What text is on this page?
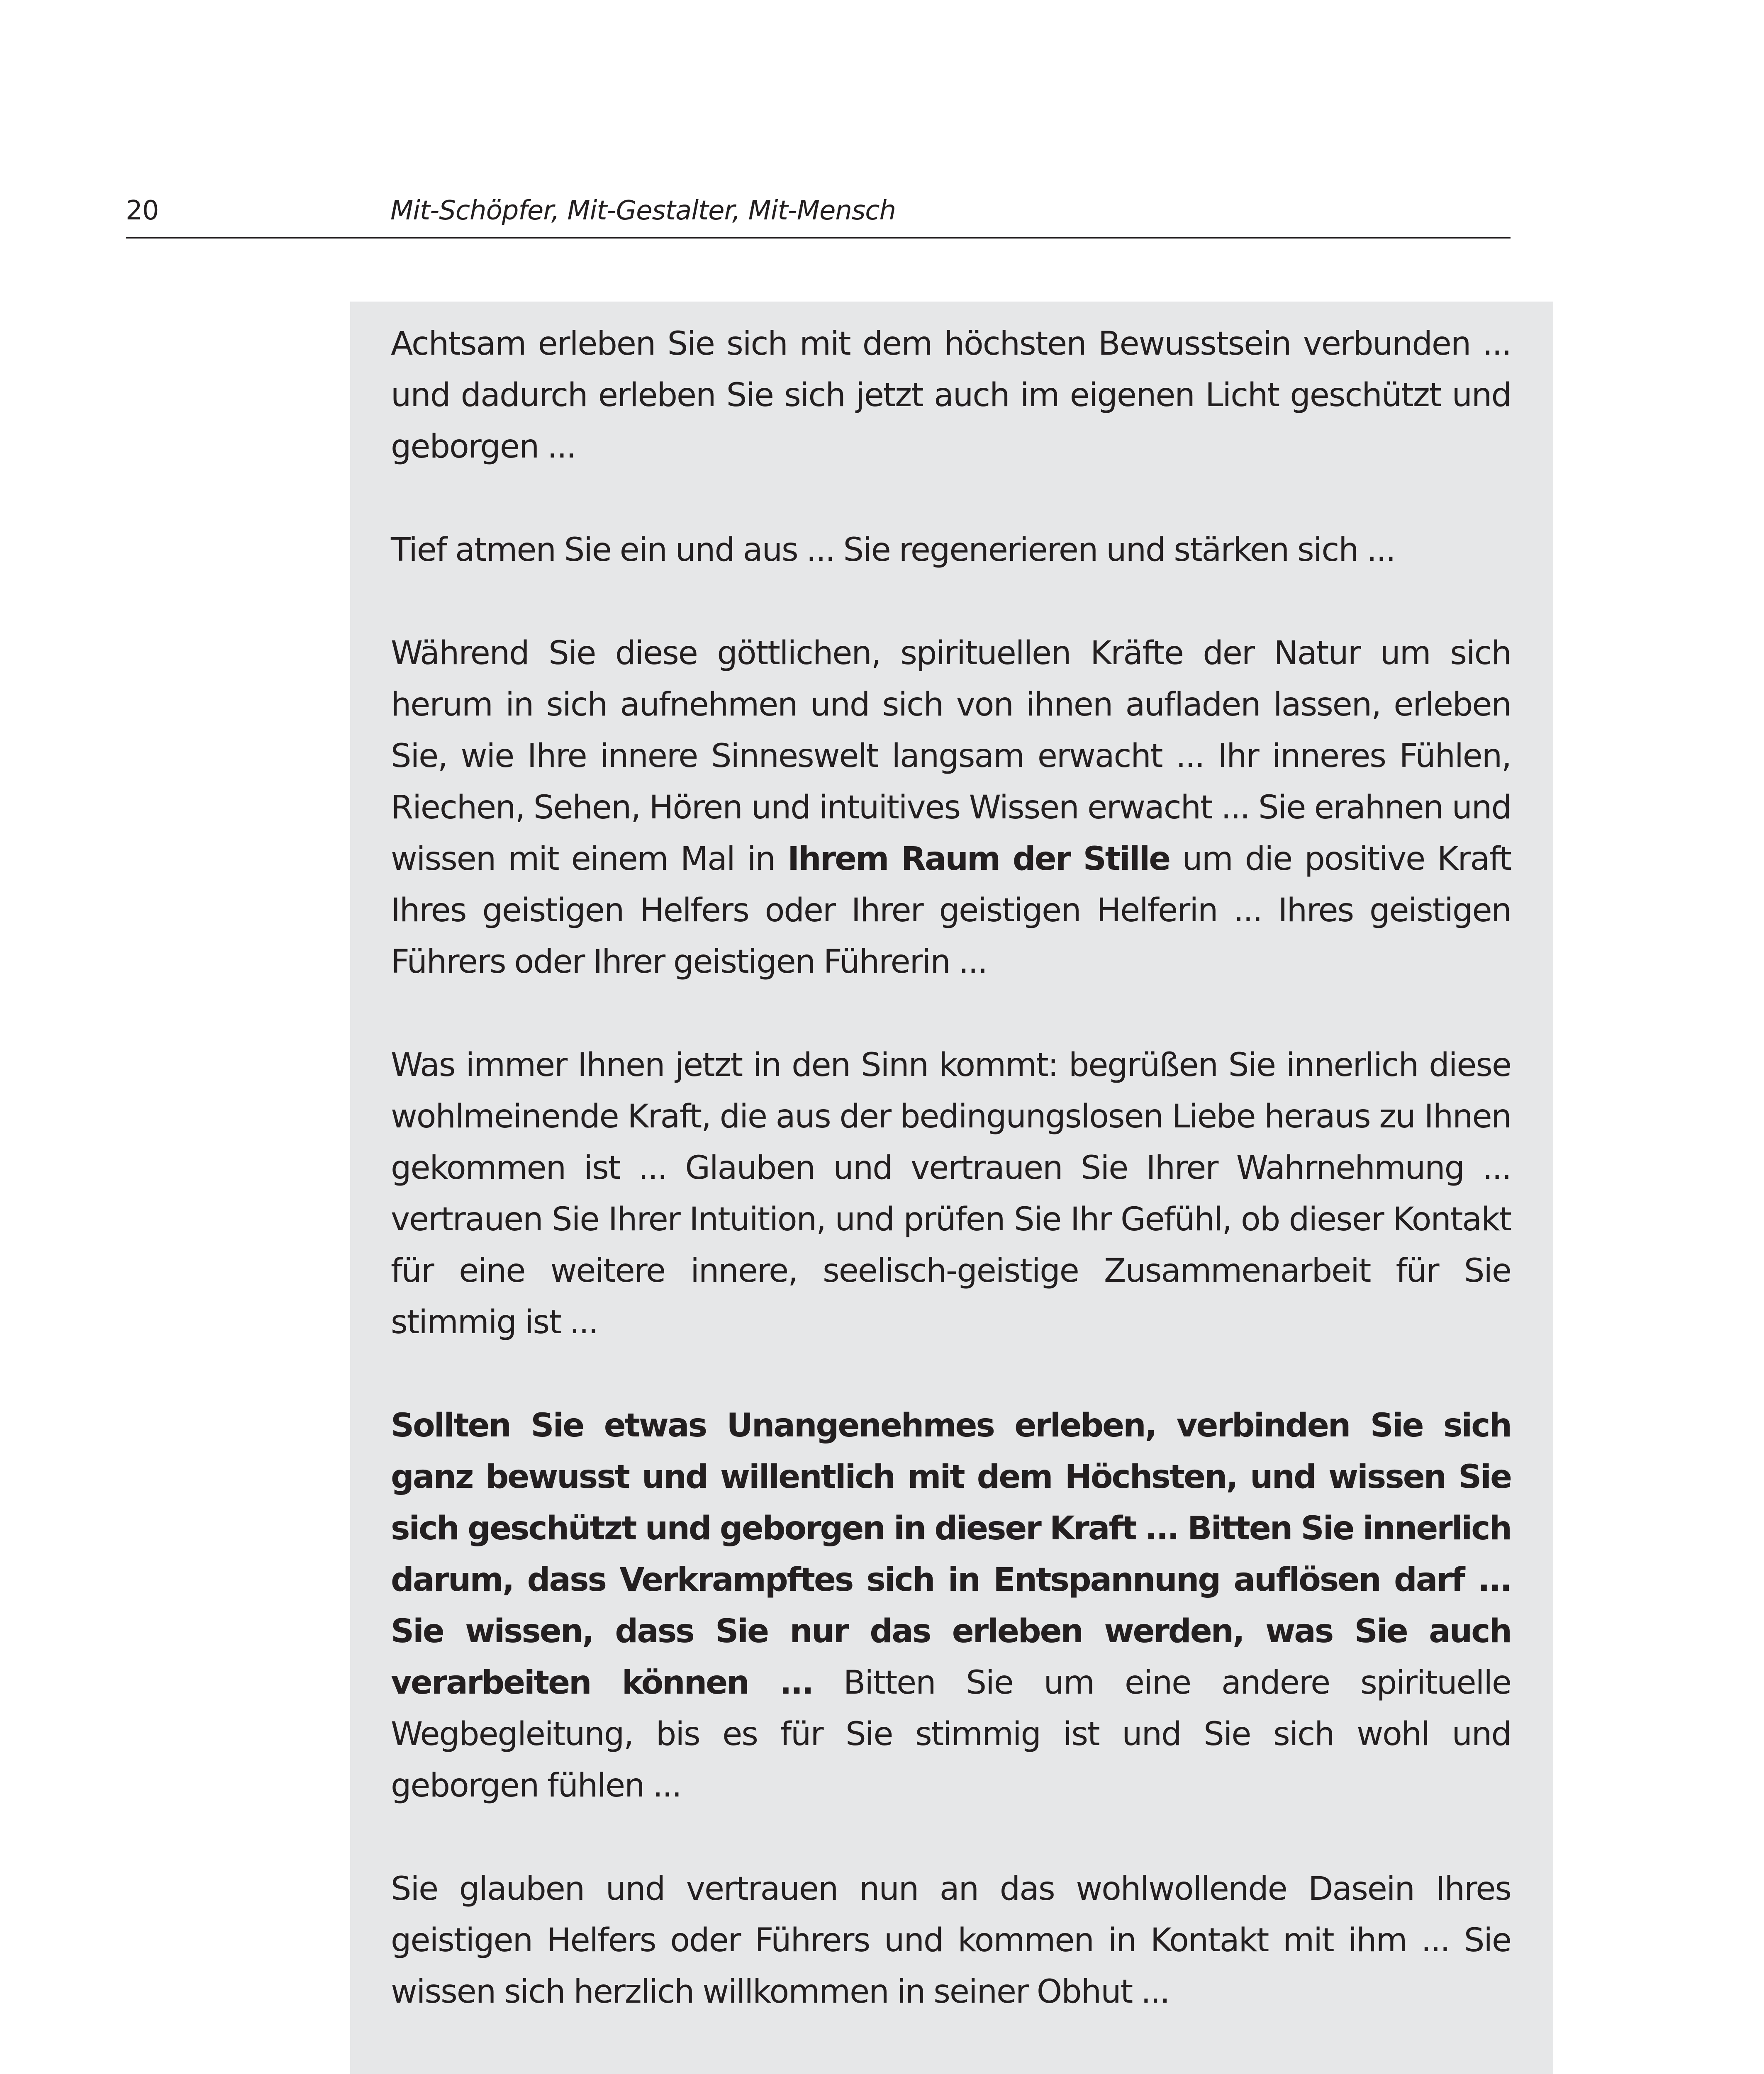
20	Mit-Schöpfer, Mit-Gestalter, Mit-Mensch

Achtsam erleben Sie sich mit dem höchsten Bewusstsein verbunden ... und dadurch erleben Sie sich jetzt auch im eigenen Licht geschützt und geborgen ...

Tief atmen Sie ein und aus ... Sie regenerieren und stärken sich ...

Während Sie diese göttlichen, spirituellen Kräfte der Natur um sich herum in sich aufnehmen und sich von ihnen aufladen lassen, erleben Sie, wie Ihre innere Sinneswelt langsam erwacht ... Ihr inneres Fühlen, Riechen, Sehen, Hören und intuitives Wissen erwacht ... Sie erahnen und wissen mit einem Mal in Ihrem Raum der Stille um die positive Kraft Ihres geistigen Helfers oder Ihrer geistigen Helferin ... Ihres geistigen Führers oder Ihrer geistigen Führerin ...

Was immer Ihnen jetzt in den Sinn kommt: begrüßen Sie innerlich diese wohlmeinende Kraft, die aus der bedingungslosen Liebe heraus zu Ihnen gekommen ist ... Glauben und vertrauen Sie Ihrer Wahrnehmung ... vertrauen Sie Ihrer Intuition, und prüfen Sie Ihr Gefühl, ob dieser Kontakt für eine weitere innere, seelisch-geistige Zusammenarbeit für Sie stimmig ist ...

Sollten Sie etwas Unangenehmes erleben, verbinden Sie sich ganz bewusst und willentlich mit dem Höchsten, und wissen Sie sich geschützt und geborgen in dieser Kraft ... Bitten Sie innerlich darum, dass Verkrampftes sich in Entspannung auflösen darf ... Sie wissen, dass Sie nur das erleben werden, was Sie auch verarbeiten können ... Bitten Sie um eine andere spirituelle Wegbegleitung, bis es für Sie stimmig ist und Sie sich wohl und geborgen fühlen ...

Sie glauben und vertrauen nun an das wohlwollende Dasein Ihres geistigen Helfers oder Führers und kommen in Kontakt mit ihm ... Sie wissen sich herzlich willkommen in seiner Obhut ...
